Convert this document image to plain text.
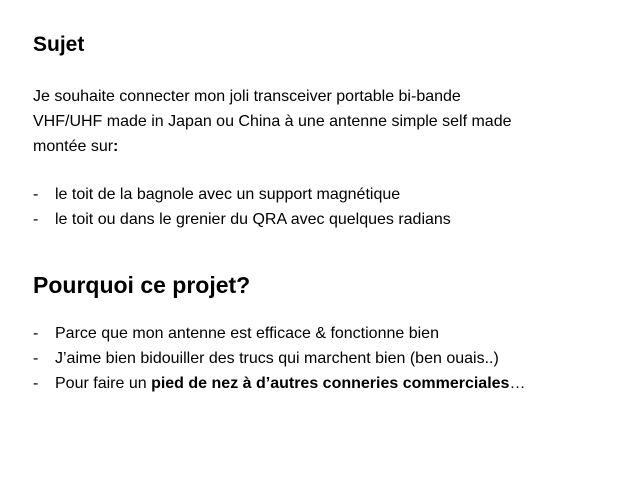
Sujet
Je souhaite connecter mon joli transceiver portable bi-bande
VHF/UHF made in Japan ou China à une antenne simple self made
montée sur:
- le toit de la bagnole avec un support magnétique
- le toit ou dans le grenier du QRA avec quelques radians
Pourquoi ce projet?
- Parce que mon antenne est efficace & fonctionne bien
- J’aime bien bidouiller des trucs qui marchent bien (ben ouais..)
- Pour faire un pied de nez à d’autres conneries commerciales…
